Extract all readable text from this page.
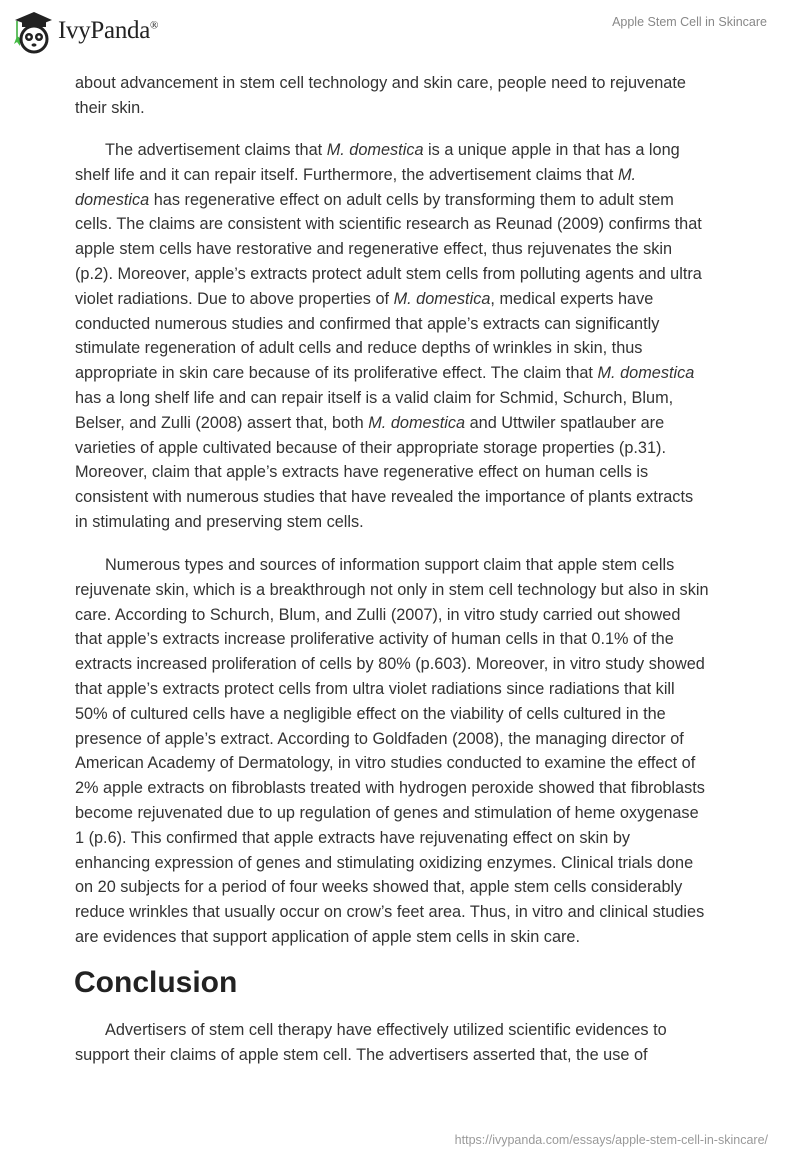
IvyPanda®	Apple Stem Cell in Skincare
about advancement in stem cell technology and skin care, people need to rejuvenate
their skin.
The advertisement claims that M. domestica is a unique apple in that has a long
shelf life and it can repair itself. Furthermore, the advertisement claims that M.
domestica has regenerative effect on adult cells by transforming them to adult stem
cells. The claims are consistent with scientific research as Reunad (2009) confirms that
apple stem cells have restorative and regenerative effect, thus rejuvenates the skin
(p.2). Moreover, apple’s extracts protect adult stem cells from polluting agents and ultra
violet radiations. Due to above properties of M. domestica, medical experts have
conducted numerous studies and confirmed that apple’s extracts can significantly
stimulate regeneration of adult cells and reduce depths of wrinkles in skin, thus
appropriate in skin care because of its proliferative effect. The claim that M. domestica
has a long shelf life and can repair itself is a valid claim for Schmid, Schurch, Blum,
Belser, and Zulli (2008) assert that, both M. domestica and Uttwiler spatlauber are
varieties of apple cultivated because of their appropriate storage properties (p.31).
Moreover, claim that apple’s extracts have regenerative effect on human cells is
consistent with numerous studies that have revealed the importance of plants extracts
in stimulating and preserving stem cells.
Numerous types and sources of information support claim that apple stem cells
rejuvenate skin, which is a breakthrough not only in stem cell technology but also in skin
care. According to Schurch, Blum, and Zulli (2007), in vitro study carried out showed
that apple’s extracts increase proliferative activity of human cells in that 0.1% of the
extracts increased proliferation of cells by 80% (p.603). Moreover, in vitro study showed
that apple’s extracts protect cells from ultra violet radiations since radiations that kill
50% of cultured cells have a negligible effect on the viability of cells cultured in the
presence of apple’s extract. According to Goldfaden (2008), the managing director of
American Academy of Dermatology, in vitro studies conducted to examine the effect of
2% apple extracts on fibroblasts treated with hydrogen peroxide showed that fibroblasts
become rejuvenated due to up regulation of genes and stimulation of heme oxygenase
1 (p.6). This confirmed that apple extracts have rejuvenating effect on skin by
enhancing expression of genes and stimulating oxidizing enzymes. Clinical trials done
on 20 subjects for a period of four weeks showed that, apple stem cells considerably
reduce wrinkles that usually occur on crow’s feet area. Thus, in vitro and clinical studies
are evidences that support application of apple stem cells in skin care.
Conclusion
Advertisers of stem cell therapy have effectively utilized scientific evidences to
support their claims of apple stem cell. The advertisers asserted that, the use of
https://ivypanda.com/essays/apple-stem-cell-in-skincare/
